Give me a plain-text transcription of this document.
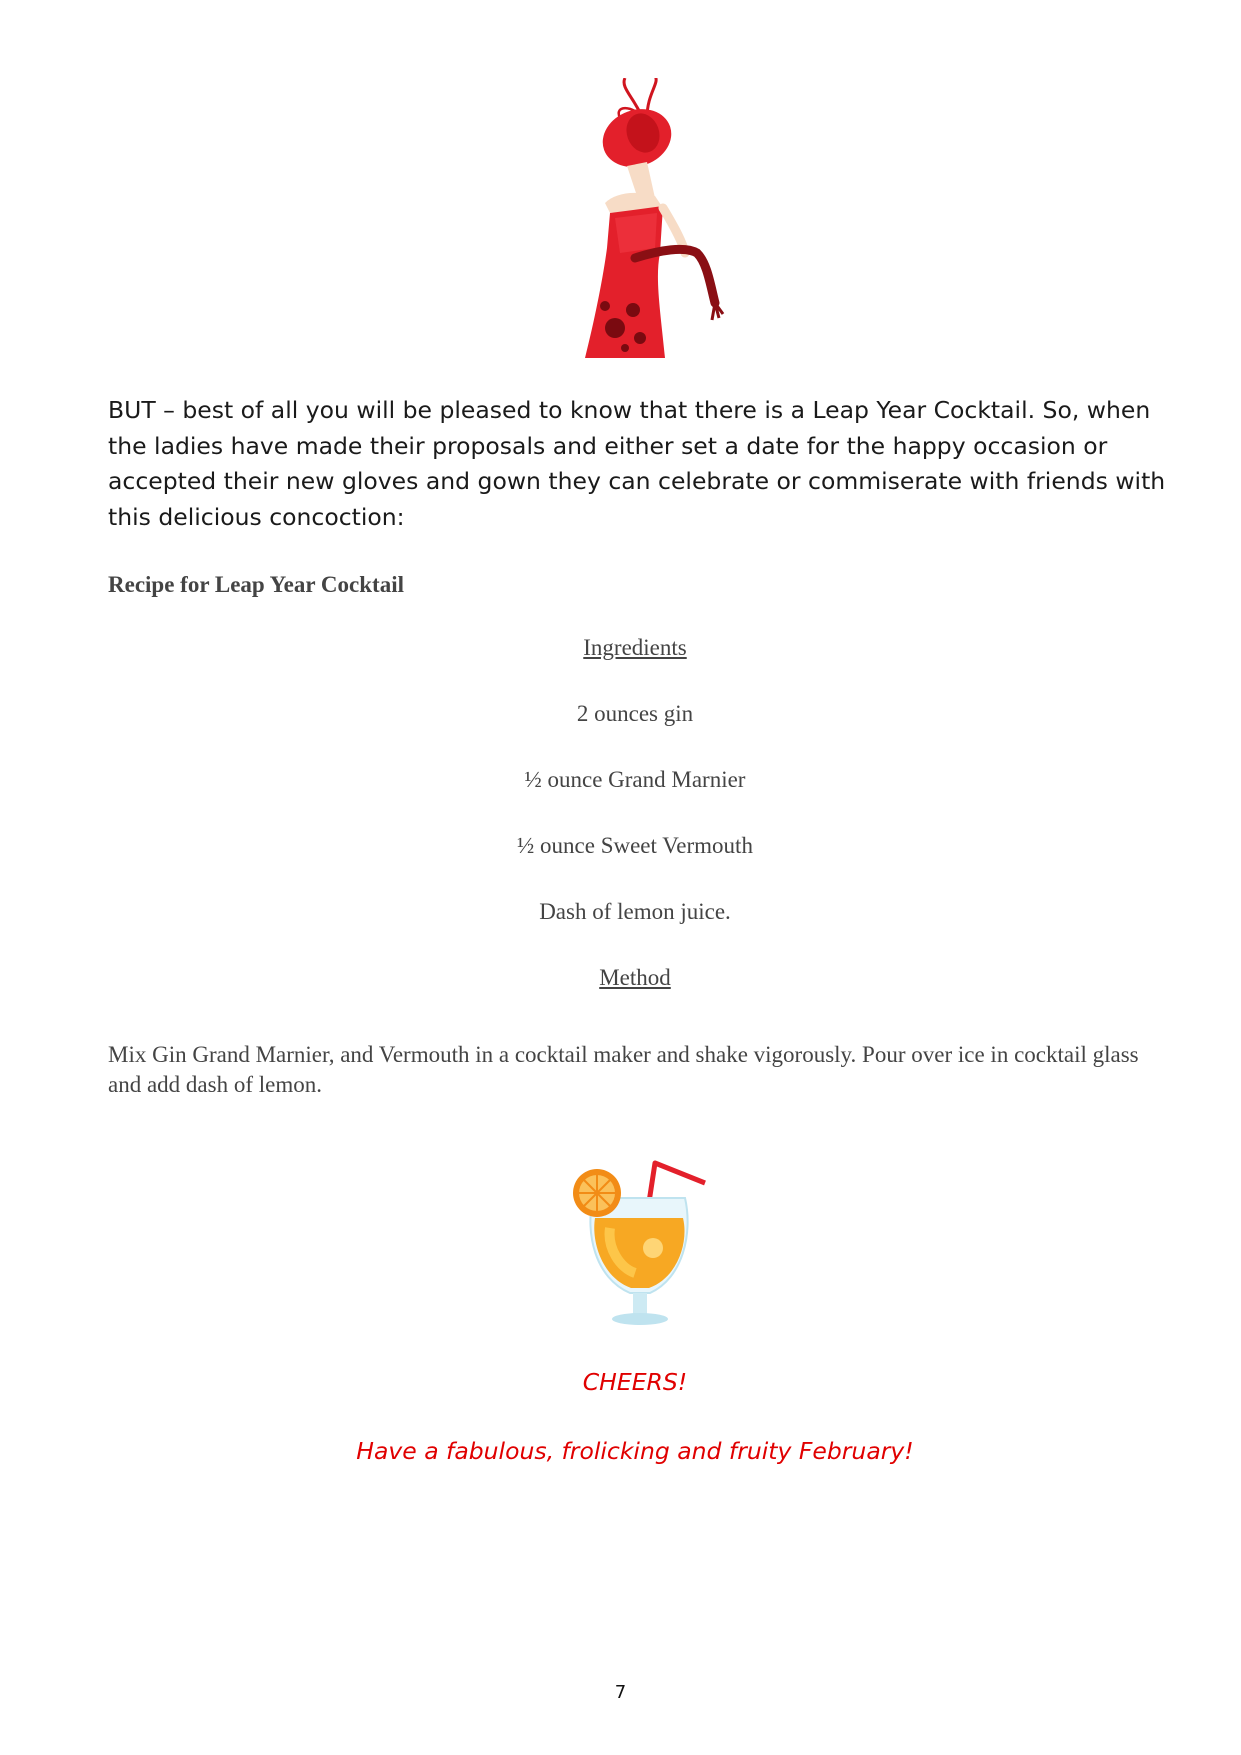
BUT – best of all you will be pleased to know that there is a Leap Year Cocktail. So, when the ladies have made their proposals and either set a date for the happy occasion or accepted their new gloves and gown they can celebrate or commiserate with friends with this delicious concoction:

Recipe for Leap Year Cocktail

Ingredients

2 ounces gin

½ ounce Grand Marnier

½ ounce Sweet Vermouth

Dash of lemon juice.

Method

Mix Gin Grand Marnier, and Vermouth in a cocktail maker and shake vigorously. Pour over ice in cocktail glass and add dash of lemon.

CHEERS!

Have a fabulous, frolicking and fruity February!

7
